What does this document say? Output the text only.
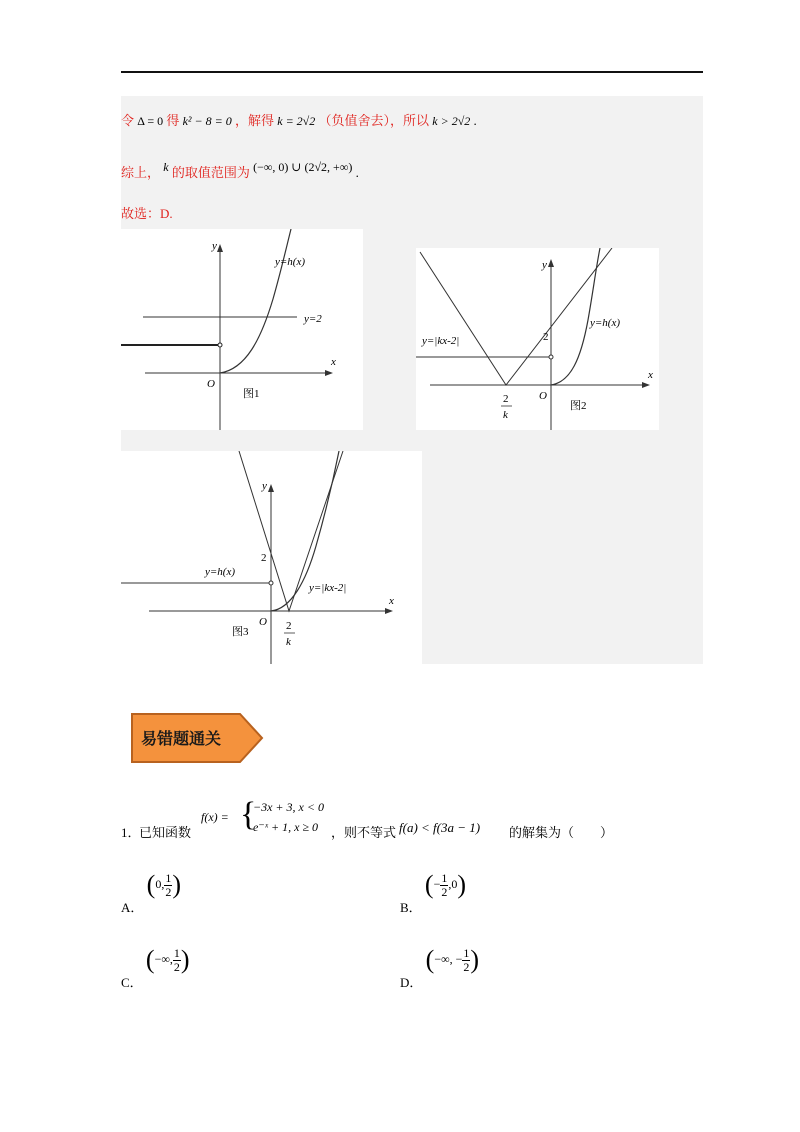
令 Δ = 0 得 k² − 8 = 0 ，解得 k = 2√2 （负值舍去），所以 k > 2√2 .
综上， k 的取值范围为 (−∞, 0) ∪ (2√2, +∞) .
故选：D.
y
x
O
y=h(x)
y=2
图1
y
x
O
y=h(x)
y=|kx-2|	2
2
k
图2
y
x
O
y=h(x)
y=|kx-2|
2
2
k
图3
易错题通关
1．
已知函数
f(x) = {
−3x + 3, x < 0
e⁻ˣ + 1, x ≥ 0 ，则不等式 f(a) < f(3a − 1) 的解集为（　　）
A． (0, $\frac{1}{2}$ )
B． (− $\frac{1}{2} ,0$)
C． (−∞, $\frac{1}{2}$ )
D． (−∞, − $\frac{1}{2}$ )
